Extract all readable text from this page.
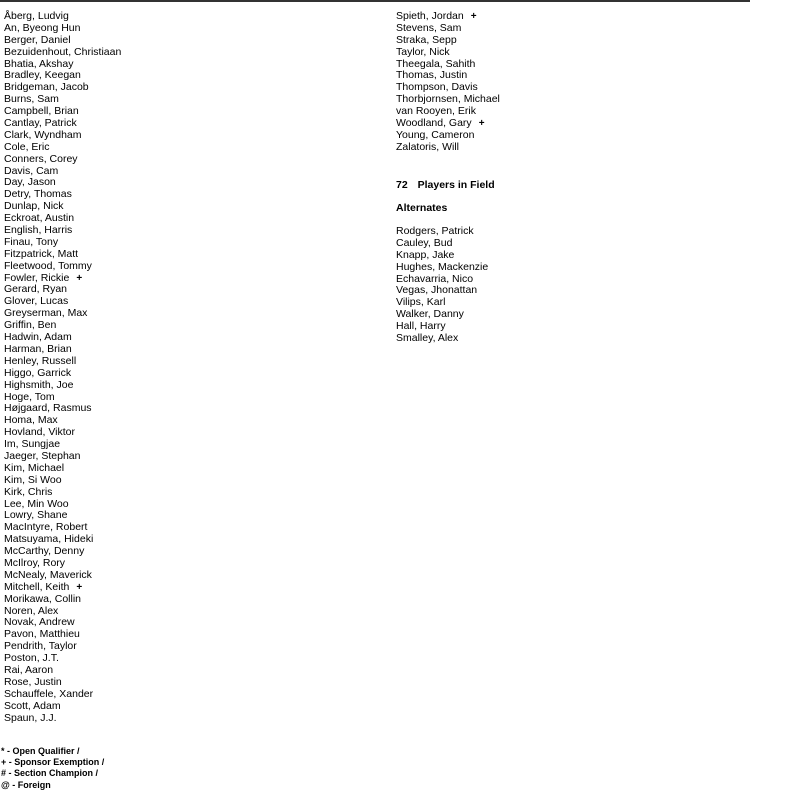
Åberg, Ludvig
An, Byeong Hun
Berger, Daniel
Bezuidenhout, Christiaan
Bhatia, Akshay
Bradley, Keegan
Bridgeman, Jacob
Burns, Sam
Campbell, Brian
Cantlay, Patrick
Clark, Wyndham
Cole, Eric
Conners, Corey
Davis, Cam
Day, Jason
Detry, Thomas
Dunlap, Nick
Eckroat, Austin
English, Harris
Finau, Tony
Fitzpatrick, Matt
Fleetwood, Tommy
Fowler, Rickie +
Gerard, Ryan
Glover, Lucas
Greyserman, Max
Griffin, Ben
Hadwin, Adam
Harman, Brian
Henley, Russell
Higgo, Garrick
Highsmith, Joe
Hoge, Tom
Højgaard, Rasmus
Homa, Max
Hovland, Viktor
Im, Sungjae
Jaeger, Stephan
Kim, Michael
Kim, Si Woo
Kirk, Chris
Lee, Min Woo
Lowry, Shane
MacIntyre, Robert
Matsuyama, Hideki
McCarthy, Denny
McIlroy, Rory
McNealy, Maverick
Mitchell, Keith +
Morikawa, Collin
Noren, Alex
Novak, Andrew
Pavon, Matthieu
Pendrith, Taylor
Poston, J.T.
Rai, Aaron
Rose, Justin
Schauffele, Xander
Scott, Adam
Spaun, J.J.
Spieth, Jordan +
Stevens, Sam
Straka, Sepp
Taylor, Nick
Theegala, Sahith
Thomas, Justin
Thompson, Davis
Thorbjornsen, Michael
van Rooyen, Erik
Woodland, Gary +
Young, Cameron
Zalatoris, Will
72 Players in Field
Alternates
Rodgers, Patrick
Cauley, Bud
Knapp, Jake
Hughes, Mackenzie
Echavarria, Nico
Vegas, Jhonattan
Vilips, Karl
Walker, Danny
Hall, Harry
Smalley, Alex
* - Open Qualifier /
+ - Sponsor Exemption /
# - Section Champion /
@ - Foreign
